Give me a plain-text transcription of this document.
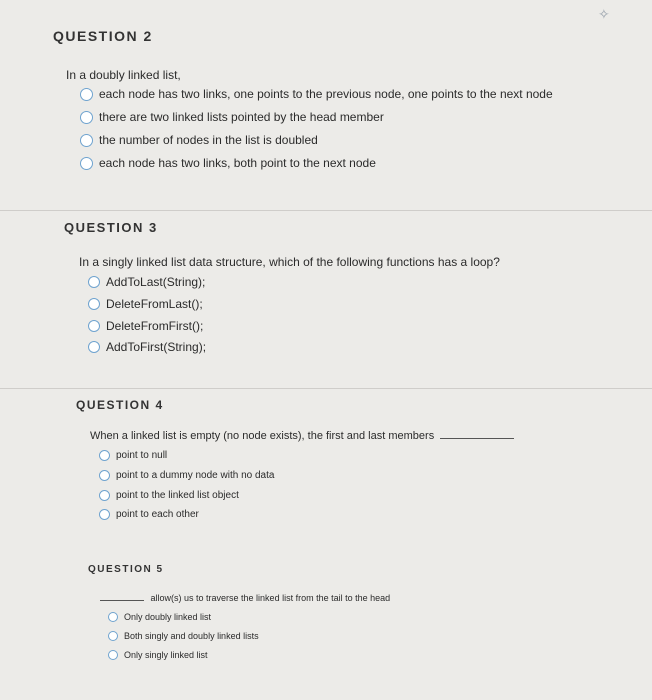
✧
QUESTION 2
In a doubly linked list,
each node has two links, one points to the previous node, one points to the next node
there are two linked lists pointed by the head member
the number of nodes in the list is doubled
each node has two links, both point to the next node
QUESTION 3
In a singly linked list data structure, which of the following functions has a loop?
AddToLast(String);
DeleteFromLast();
DeleteFromFirst();
AddToFirst(String);
QUESTION 4
When a linked list is empty (no node exists), the first and last members
point to null
point to a dummy node with no data
point to the linked list object
point to each other
QUESTION 5
allow(s) us to traverse the linked list from the tail to the head
Only doubly linked list
Both singly and doubly linked lists
Only singly linked list
